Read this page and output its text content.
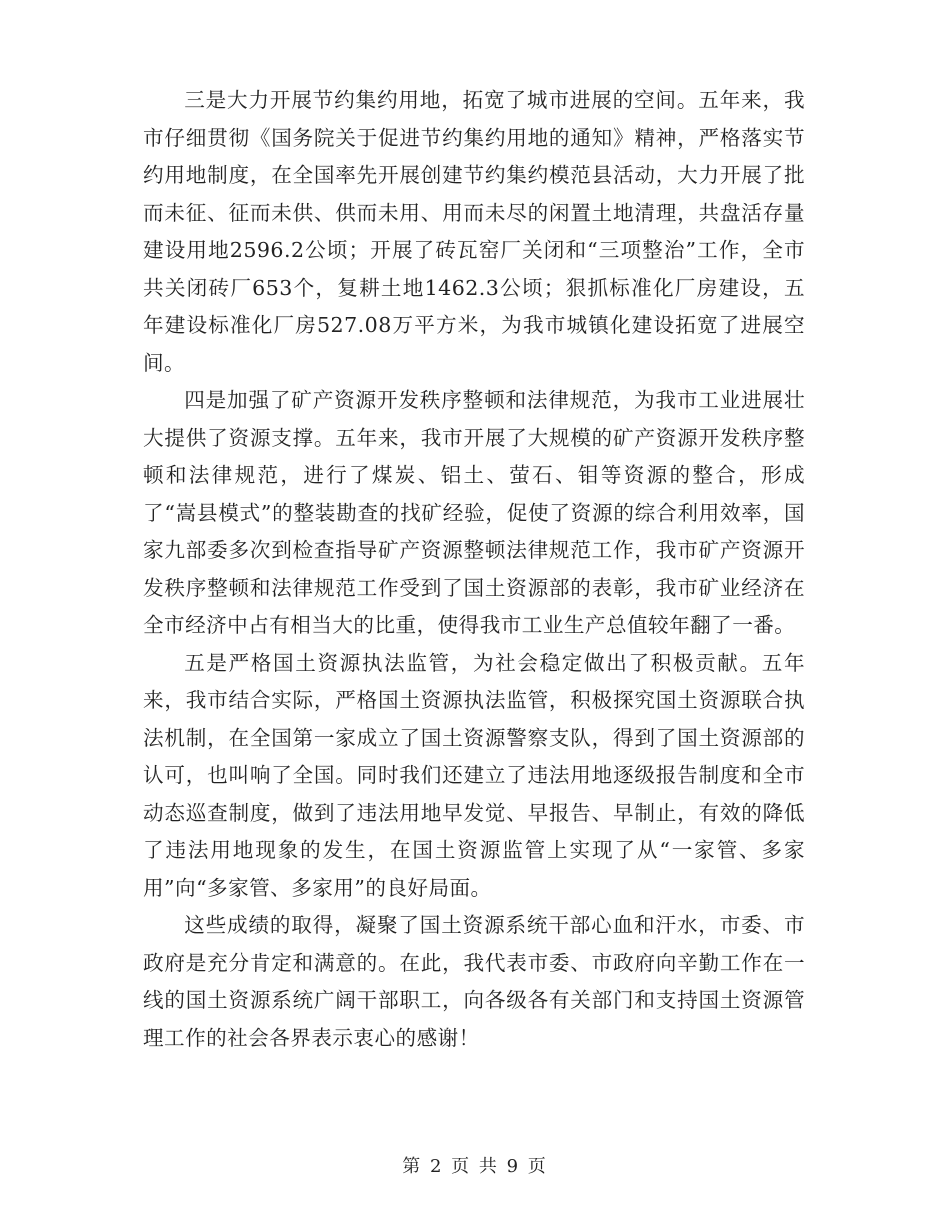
三是大力开展节约集约用地，拓宽了城市进展的空间。五年来，我市仔细贯彻《国务院关于促进节约集约用地的通知》精神，严格落实节约用地制度，在全国率先开展创建节约集约模范县活动，大力开展了批而未征、征而未供、供而未用、用而未尽的闲置土地清理，共盘活存量建设用地2596.2公顷；开展了砖瓦窑厂关闭和“三项整治”工作，全市共关闭砖厂653个，复耕土地1462.3公顷；狠抓标准化厂房建设，五年建设标准化厂房527.08万平方米，为我市城镇化建设拓宽了进展空间。

四是加强了矿产资源开发秩序整顿和法律规范，为我市工业进展壮大提供了资源支撑。五年来，我市开展了大规模的矿产资源开发秩序整顿和法律规范，进行了煤炭、铝土、萤石、钼等资源的整合，形成了“嵩县模式”的整装勘查的找矿经验，促使了资源的综合利用效率，国家九部委多次到检查指导矿产资源整顿法律规范工作，我市矿产资源开发秩序整顿和法律规范工作受到了国土资源部的表彰，我市矿业经济在全市经济中占有相当大的比重，使得我市工业生产总值较年翻了一番。

五是严格国土资源执法监管，为社会稳定做出了积极贡献。五年来，我市结合实际，严格国土资源执法监管，积极探究国土资源联合执法机制，在全国第一家成立了国土资源警察支队，得到了国土资源部的认可，也叫响了全国。同时我们还建立了违法用地逐级报告制度和全市动态巡查制度，做到了违法用地早发觉、早报告、早制止，有效的降低了违法用地现象的发生，在国土资源监管上实现了从“一家管、多家用”向“多家管、多家用”的良好局面。

这些成绩的取得，凝聚了国土资源系统干部心血和汗水，市委、市政府是充分肯定和满意的。在此，我代表市委、市政府向辛勤工作在一线的国土资源系统广阔干部职工，向各级各有关部门和支持国土资源管理工作的社会各界表示衷心的感谢！

第 2 页 共 9 页
